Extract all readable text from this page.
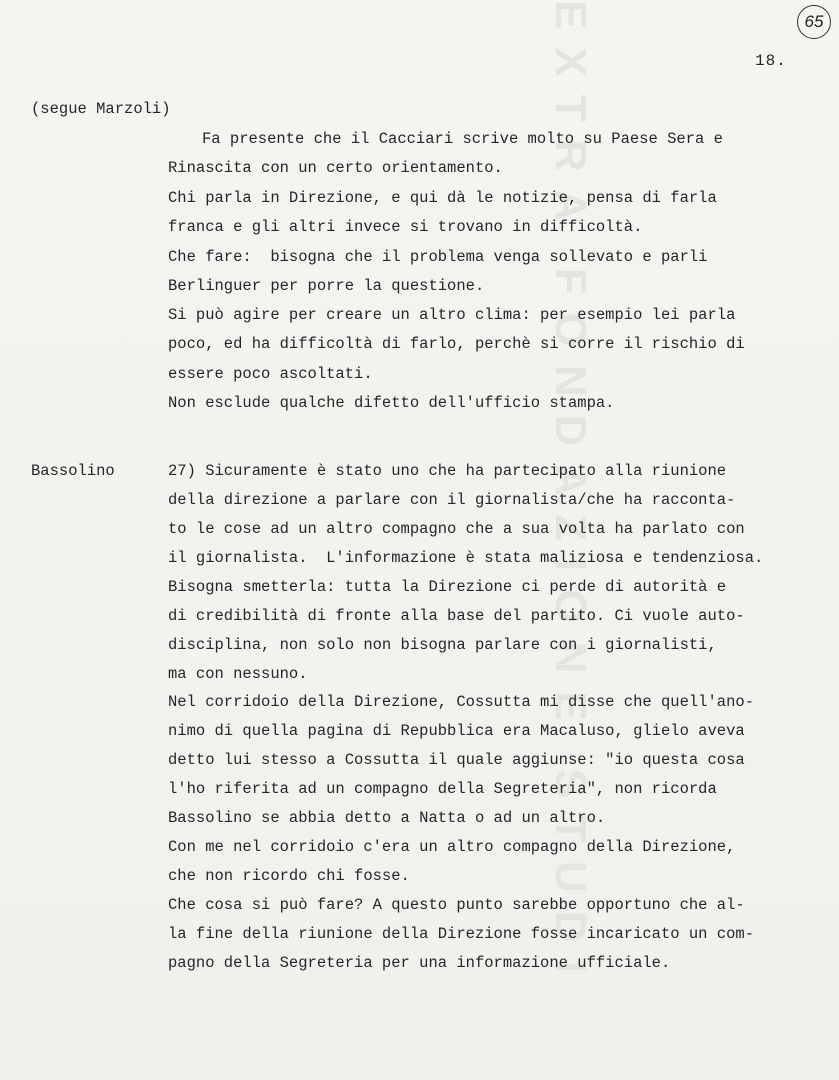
EXTRA FONDAZIONE STUDI	65
18.
(segue Marzoli)
Fa presente che il Cacciari scrive molto su Paese Sera e
Rinascita con un certo orientamento.
Chi parla in Direzione, e qui dà le notizie, pensa di farla
franca e gli altri invece si trovano in difficoltà.
Che fare:  bisogna che il problema venga sollevato e parli
Berlinguer per porre la questione.
Si può agire per creare un altro clima: per esempio lei parla
poco, ed ha difficoltà di farlo, perchè si corre il rischio di
essere poco ascoltati.
Non esclude qualche difetto dell'ufficio stampa.
Bassolino	27) Sicuramente è stato uno che ha partecipato alla riunione
della direzione a parlare con il giornalista/che ha racconta-
to le cose ad un altro compagno che a sua volta ha parlato con
il giornalista.  L'informazione è stata maliziosa e tendenziosa.
Bisogna smetterla: tutta la Direzione ci perde di autorità e
di credibilità di fronte alla base del partito. Ci vuole auto-
disciplina, non solo non bisogna parlare con i giornalisti,
ma con nessuno.
Nel corridoio della Direzione, Cossutta mi disse che quell'ano-
nimo di quella pagina di Repubblica era Macaluso, glielo aveva
detto lui stesso a Cossutta il quale aggiunse: "io questa cosa
l'ho riferita ad un compagno della Segreteria", non ricorda
Bassolino se abbia detto a Natta o ad un altro.
Con me nel corridoio c'era un altro compagno della Direzione,
che non ricordo chi fosse.
Che cosa si può fare? A questo punto sarebbe opportuno che al-
la fine della riunione della Direzione fosse incaricato un com-
pagno della Segreteria per una informazione ufficiale.
